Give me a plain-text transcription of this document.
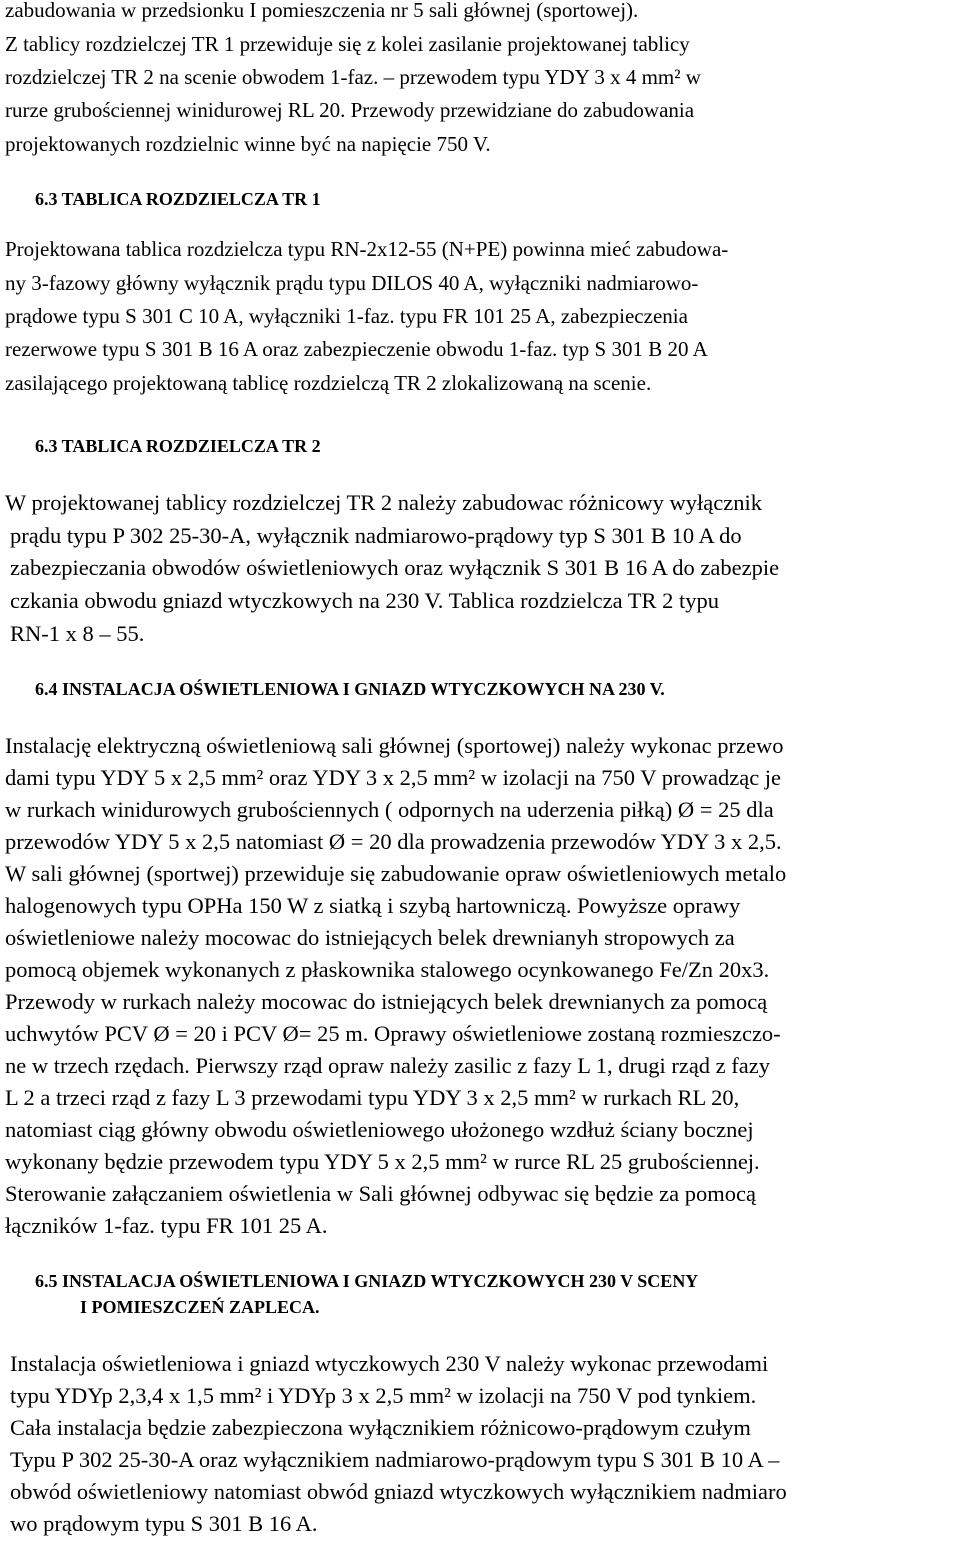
zabudowania w przedsionku I pomieszczenia nr 5 sali głównej (sportowej).
Z tablicy rozdzielczej TR 1 przewiduje się z kolei zasilanie projektowanej tablicy
rozdzielczej TR 2 na scenie obwodem 1-faz. – przewodem typu YDY 3 x 4 mm² w
rurze grubościennej winidurowej RL 20. Przewody przewidziane do zabudowania
projektowanych rozdzielnic winne być na napięcie 750 V.
6.3 TABLICA ROZDZIELCZA TR 1
Projektowana tablica rozdzielcza typu RN-2x12-55 (N+PE) powinna mieć zabudowa-
ny 3-fazowy główny wyłącznik prądu typu DILOS 40 A, wyłączniki nadmiarowo-
prądowe typu S 301 C 10 A, wyłączniki 1-faz. typu FR 101 25 A, zabezpieczenia
rezerwowe typu S 301 B 16 A oraz zabezpieczenie obwodu 1-faz. typ S 301 B 20 A
zasilającego projektowaną tablicę rozdzielczą TR 2 zlokalizowaną na scenie.
6.3 TABLICA ROZDZIELCZA TR 2
W projektowanej tablicy rozdzielczej TR 2 należy zabudowac różnicowy wyłącznik
prądu typu P 302 25-30-A, wyłącznik nadmiarowo-prądowy typ S 301 B 10 A do
zabezpieczania obwodów oświetleniowych oraz wyłącznik S 301 B 16 A do zabezpie
czkania obwodu gniazd wtyczkowych na 230 V. Tablica rozdzielcza TR 2 typu
RN-1 x 8 – 55.
6.4 INSTALACJA OŚWIETLENIOWA I GNIAZD WTYCZKOWYCH NA 230 V.
Instalację elektryczną oświetleniową sali głównej (sportowej) należy wykonac przewo
dami typu YDY 5 x 2,5 mm² oraz YDY 3 x 2,5 mm² w izolacji na 750 V prowadząc je
w rurkach winidurowych grubościennych ( odpornych na uderzenia piłką) Ø = 25 dla
przewodów YDY 5 x 2,5 natomiast Ø = 20 dla prowadzenia przewodów YDY 3 x 2,5.
W sali głównej (sportwej) przewiduje się zabudowanie opraw oświetleniowych metalo
halogenowych typu OPHa 150 W z siatką i szybą hartowniczą. Powyższe oprawy
oświetleniowe należy mocowac do istniejących belek drewnianyh stropowych za
pomocą objemek wykonanych z płaskownika stalowego ocynkowanego Fe/Zn 20x3.
Przewody w rurkach należy mocowac do istniejących belek drewnianych za pomocą
uchwytów PCV Ø = 20 i PCV Ø= 25 m. Oprawy oświetleniowe zostaną rozmieszczo-
ne w trzech rzędach. Pierwszy rząd opraw należy zasilic z fazy L 1, drugi rząd z fazy
L 2 a trzeci rząd z fazy L 3 przewodami typu YDY 3 x 2,5 mm² w rurkach RL 20,
natomiast ciąg główny obwodu oświetleniowego ułożonego wzdłuż ściany bocznej
wykonany będzie przewodem typu YDY 5 x 2,5 mm² w rurce RL 25 grubościennej.
Sterowanie załączaniem oświetlenia w Sali głównej odbywac się będzie za pomocą
łączników 1-faz. typu FR 101 25 A.
6.5 INSTALACJA OŚWIETLENIOWA I GNIAZD WTYCZKOWYCH 230 V SCENY
I POMIESZCZEŃ ZAPLECA.
Instalacja oświetleniowa i gniazd wtyczkowych 230 V należy wykonac przewodami
typu YDYp 2,3,4 x 1,5 mm² i YDYp 3 x 2,5 mm² w izolacji na 750 V pod tynkiem.
Cała instalacja będzie zabezpieczona wyłącznikiem różnicowo-prądowym czułym
Typu P 302 25-30-A oraz wyłącznikiem nadmiarowo-prądowym typu S 301 B 10 A –
obwód oświetleniowy natomiast obwód gniazd wtyczkowych wyłącznikiem nadmiaro
wo prądowym typu S 301 B 16 A.
